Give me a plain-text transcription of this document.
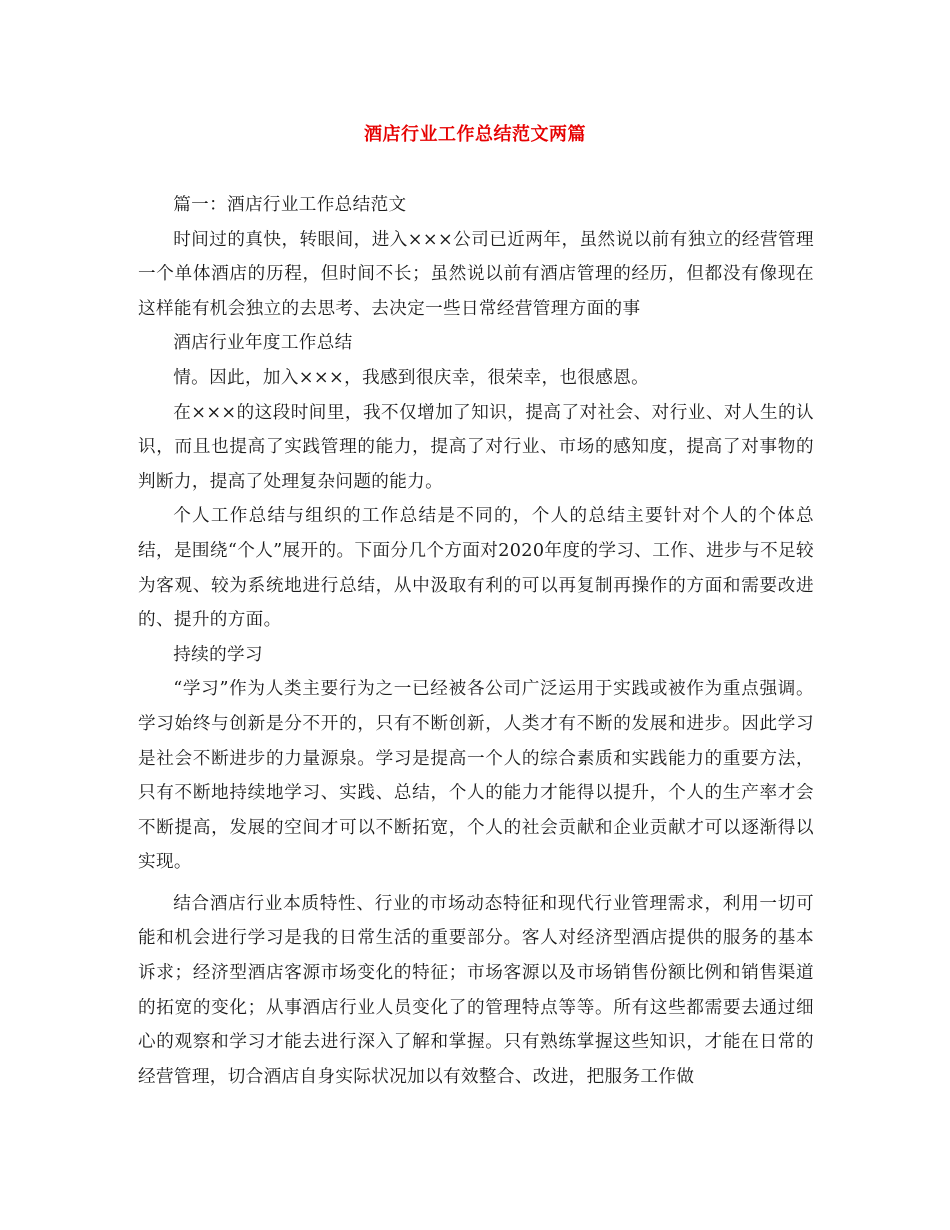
酒店行业工作总结范文两篇

篇一：酒店行业工作总结范文

时间过的真快，转眼间，进入×××公司已近两年，虽然说以前有独立的经营管理一个单体酒店的历程，但时间不长；虽然说以前有酒店管理的经历，但都没有像现在这样能有机会独立的去思考、去决定一些日常经营管理方面的事

酒店行业年度工作总结

情。因此，加入×××，我感到很庆幸，很荣幸，也很感恩。

在×××的这段时间里，我不仅增加了知识，提高了对社会、对行业、对人生的认识，而且也提高了实践管理的能力，提高了对行业、市场的感知度，提高了对事物的判断力，提高了处理复杂问题的能力。

个人工作总结与组织的工作总结是不同的，个人的总结主要针对个人的个体总结，是围绕“个人”展开的。下面分几个方面对2020年度的学习、工作、进步与不足较为客观、较为系统地进行总结，从中汲取有利的可以再复制再操作的方面和需要改进的、提升的方面。

持续的学习

“学习”作为人类主要行为之一已经被各公司广泛运用于实践或被作为重点强调。学习始终与创新是分不开的，只有不断创新，人类才有不断的发展和进步。因此学习是社会不断进步的力量源泉。学习是提高一个人的综合素质和实践能力的重要方法，只有不断地持续地学习、实践、总结，个人的能力才能得以提升，个人的生产率才会不断提高，发展的空间才可以不断拓宽，个人的社会贡献和企业贡献才可以逐渐得以实现。

结合酒店行业本质特性、行业的市场动态特征和现代行业管理需求，利用一切可能和机会进行学习是我的日常生活的重要部分。客人对经济型酒店提供的服务的基本诉求；经济型酒店客源市场变化的特征；市场客源以及市场销售份额比例和销售渠道的拓宽的变化；从事酒店行业人员变化了的管理特点等等。所有这些都需要去通过细心的观察和学习才能去进行深入了解和掌握。只有熟练掌握这些知识，才能在日常的经营管理，切合酒店自身实际状况加以有效整合、改进，把服务工作做
